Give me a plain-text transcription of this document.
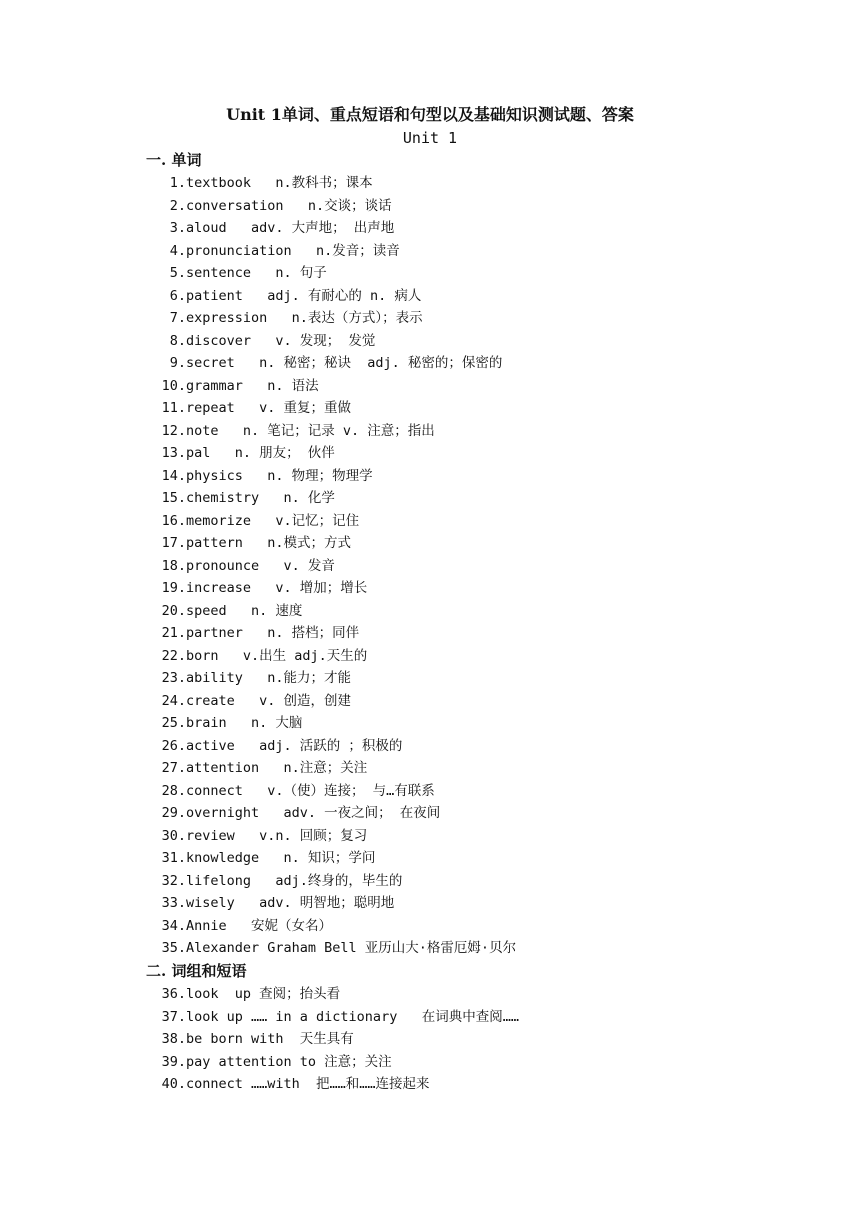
Unit 1单词、重点短语和句型以及基础知识测试题、答案
Unit 1
一. 单词
1.textbook   n.教科书；课本
2.conversation   n.交谈；谈话
3.aloud   adv. 大声地； 出声地
4.pronunciation   n.发音；读音
5.sentence   n. 句子
6.patient   adj. 有耐心的 n. 病人
7.expression   n.表达（方式）；表示
8.discover   v. 发现； 发觉
9.secret   n. 秘密；秘诀  adj. 秘密的；保密的
10.grammar   n. 语法
11.repeat   v. 重复；重做
12.note   n. 笔记；记录 v. 注意；指出
13.pal   n. 朋友； 伙伴
14.physics   n. 物理；物理学
15.chemistry   n. 化学
16.memorize   v.记忆；记住
17.pattern   n.模式；方式
18.pronounce   v. 发音
19.increase   v. 增加；增长
20.speed   n. 速度
21.partner   n. 搭档；同伴
22.born   v.出生 adj.天生的
23.ability   n.能力；才能
24.create   v. 创造，创建
25.brain   n. 大脑
26.active   adj. 活跃的 ；积极的
27.attention   n.注意；关注
28.connect   v.（使）连接； 与…有联系
29.overnight   adv. 一夜之间； 在夜间
30.review   v.n. 回顾；复习
31.knowledge   n. 知识；学问
32.lifelong   adj.终身的，毕生的
33.wisely   adv. 明智地；聪明地
34.Annie   安妮（女名）
35.Alexander Graham Bell 亚历山大·格雷厄姆·贝尔
二. 词组和短语
36.look  up 查阅；抬头看
37.look up …… in a dictionary   在词典中查阅……
38.be born with  天生具有
39.pay attention to 注意；关注
40.connect ……with  把……和……连接起来
